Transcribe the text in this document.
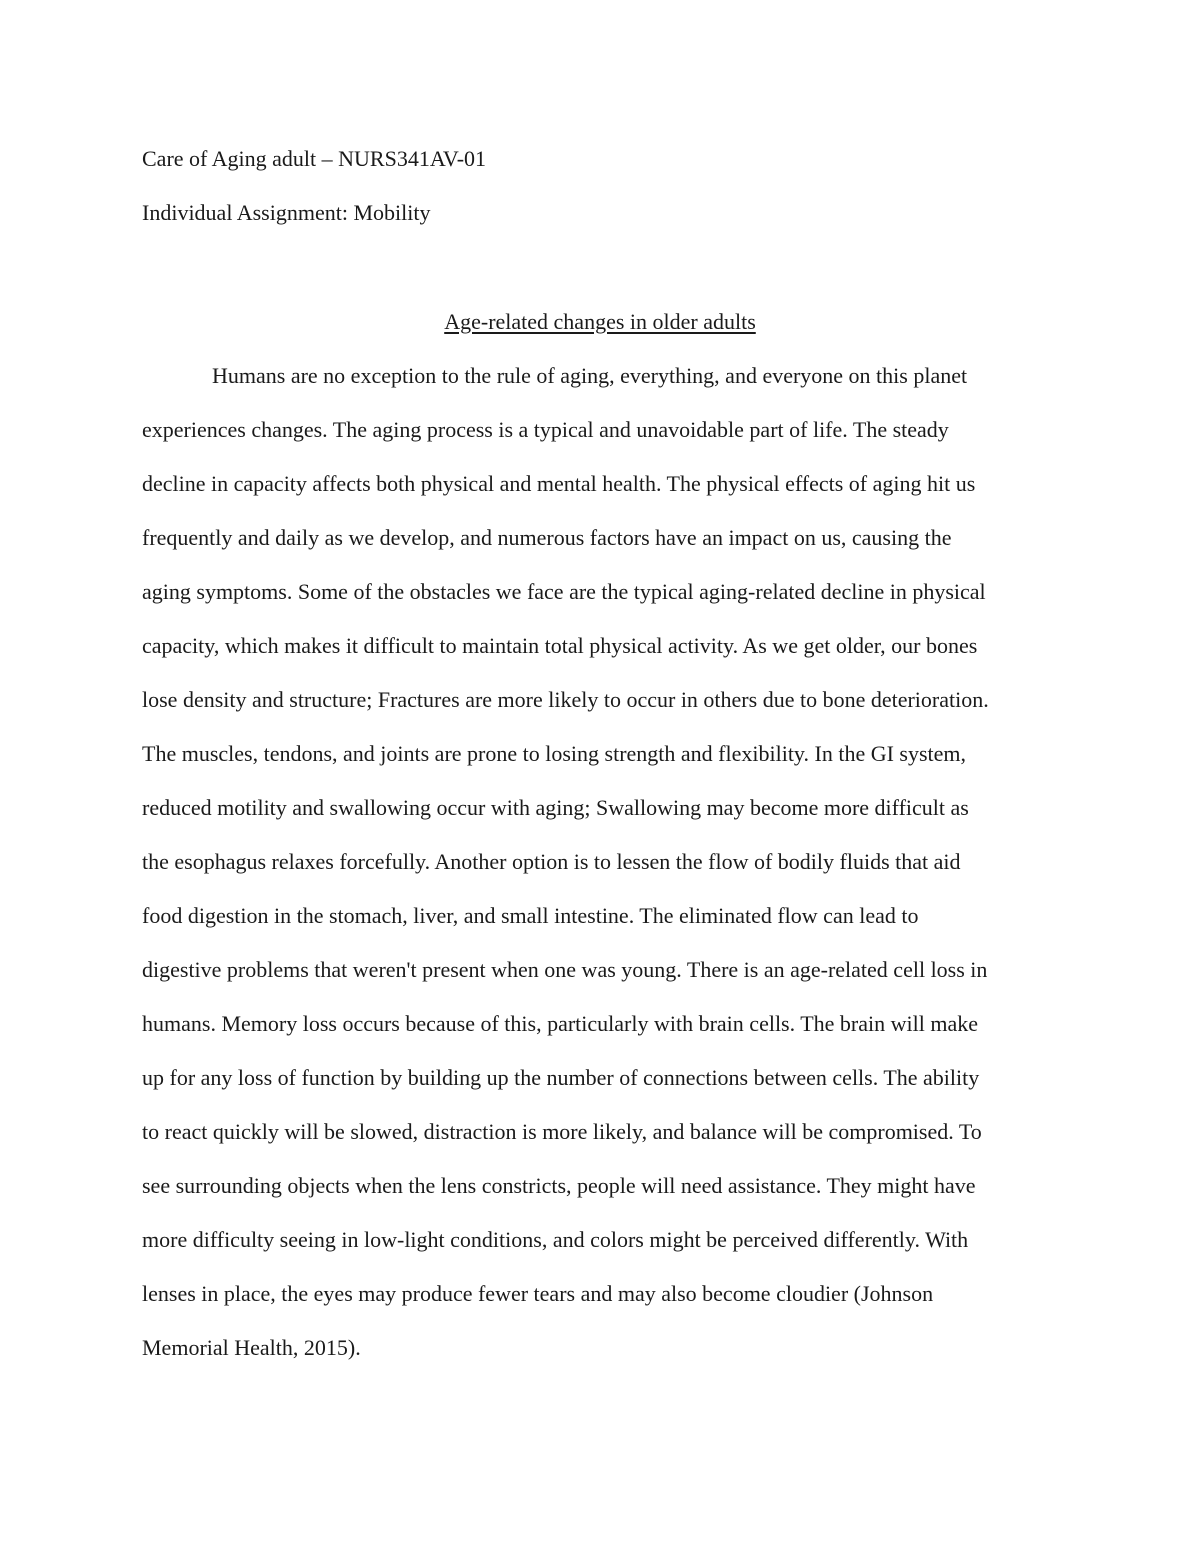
Care of Aging adult – NURS341AV-01
Individual Assignment: Mobility
Age-related changes in older adults
Humans are no exception to the rule of aging, everything, and everyone on this planet
experiences changes. The aging process is a typical and unavoidable part of life. The steady
decline in capacity affects both physical and mental health. The physical effects of aging hit us
frequently and daily as we develop, and numerous factors have an impact on us, causing the
aging symptoms. Some of the obstacles we face are the typical aging-related decline in physical
capacity, which makes it difficult to maintain total physical activity. As we get older, our bones
lose density and structure; Fractures are more likely to occur in others due to bone deterioration.
The muscles, tendons, and joints are prone to losing strength and flexibility. In the GI system,
reduced motility and swallowing occur with aging; Swallowing may become more difficult as
the esophagus relaxes forcefully. Another option is to lessen the flow of bodily fluids that aid
food digestion in the stomach, liver, and small intestine. The eliminated flow can lead to
digestive problems that weren't present when one was young. There is an age-related cell loss in
humans. Memory loss occurs because of this, particularly with brain cells. The brain will make
up for any loss of function by building up the number of connections between cells. The ability
to react quickly will be slowed, distraction is more likely, and balance will be compromised. To
see surrounding objects when the lens constricts, people will need assistance. They might have
more difficulty seeing in low-light conditions, and colors might be perceived differently. With
lenses in place, the eyes may produce fewer tears and may also become cloudier (Johnson
Memorial Health, 2015).
